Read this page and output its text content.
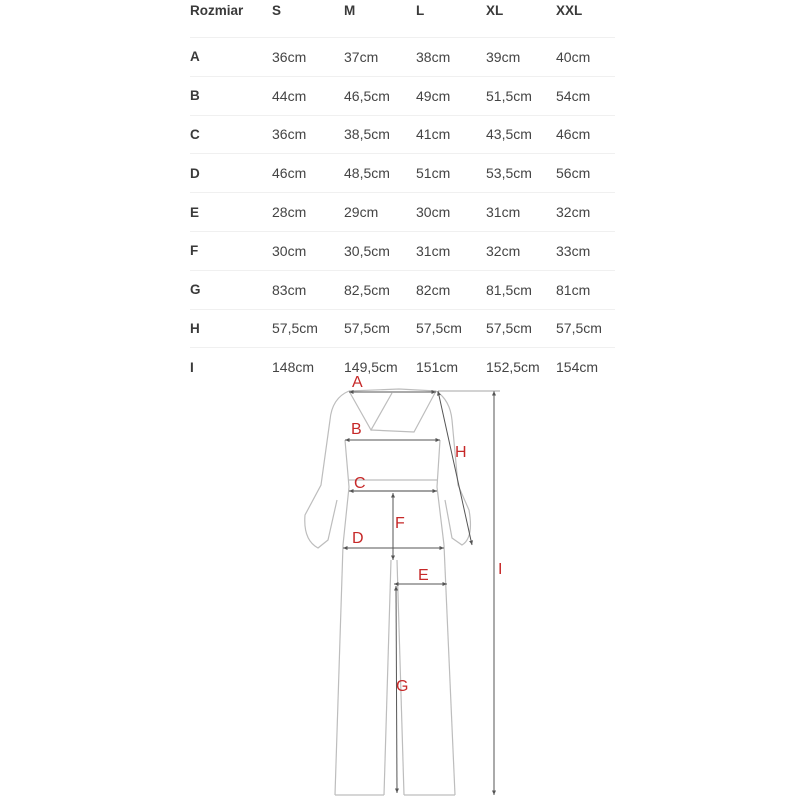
Rozmiar	S	M	L	XL	XXL
A	36cm	37cm	38cm	39cm	40cm
B	44cm	46,5cm	49cm	51,5cm	54cm
C	36cm	38,5cm	41cm	43,5cm	46cm
D	46cm	48,5cm	51cm	53,5cm	56cm
E	28cm	29cm	30cm	31cm	32cm
F	30cm	30,5cm	31cm	32cm	33cm
G	83cm	82,5cm	82cm	81,5cm	81cm
H	57,5cm	57,5cm	57,5cm	57,5cm	57,5cm
I	148cm	149,5cm	151cm	152,5cm	154cm
A
B
C
D
E
F
G
H
I
